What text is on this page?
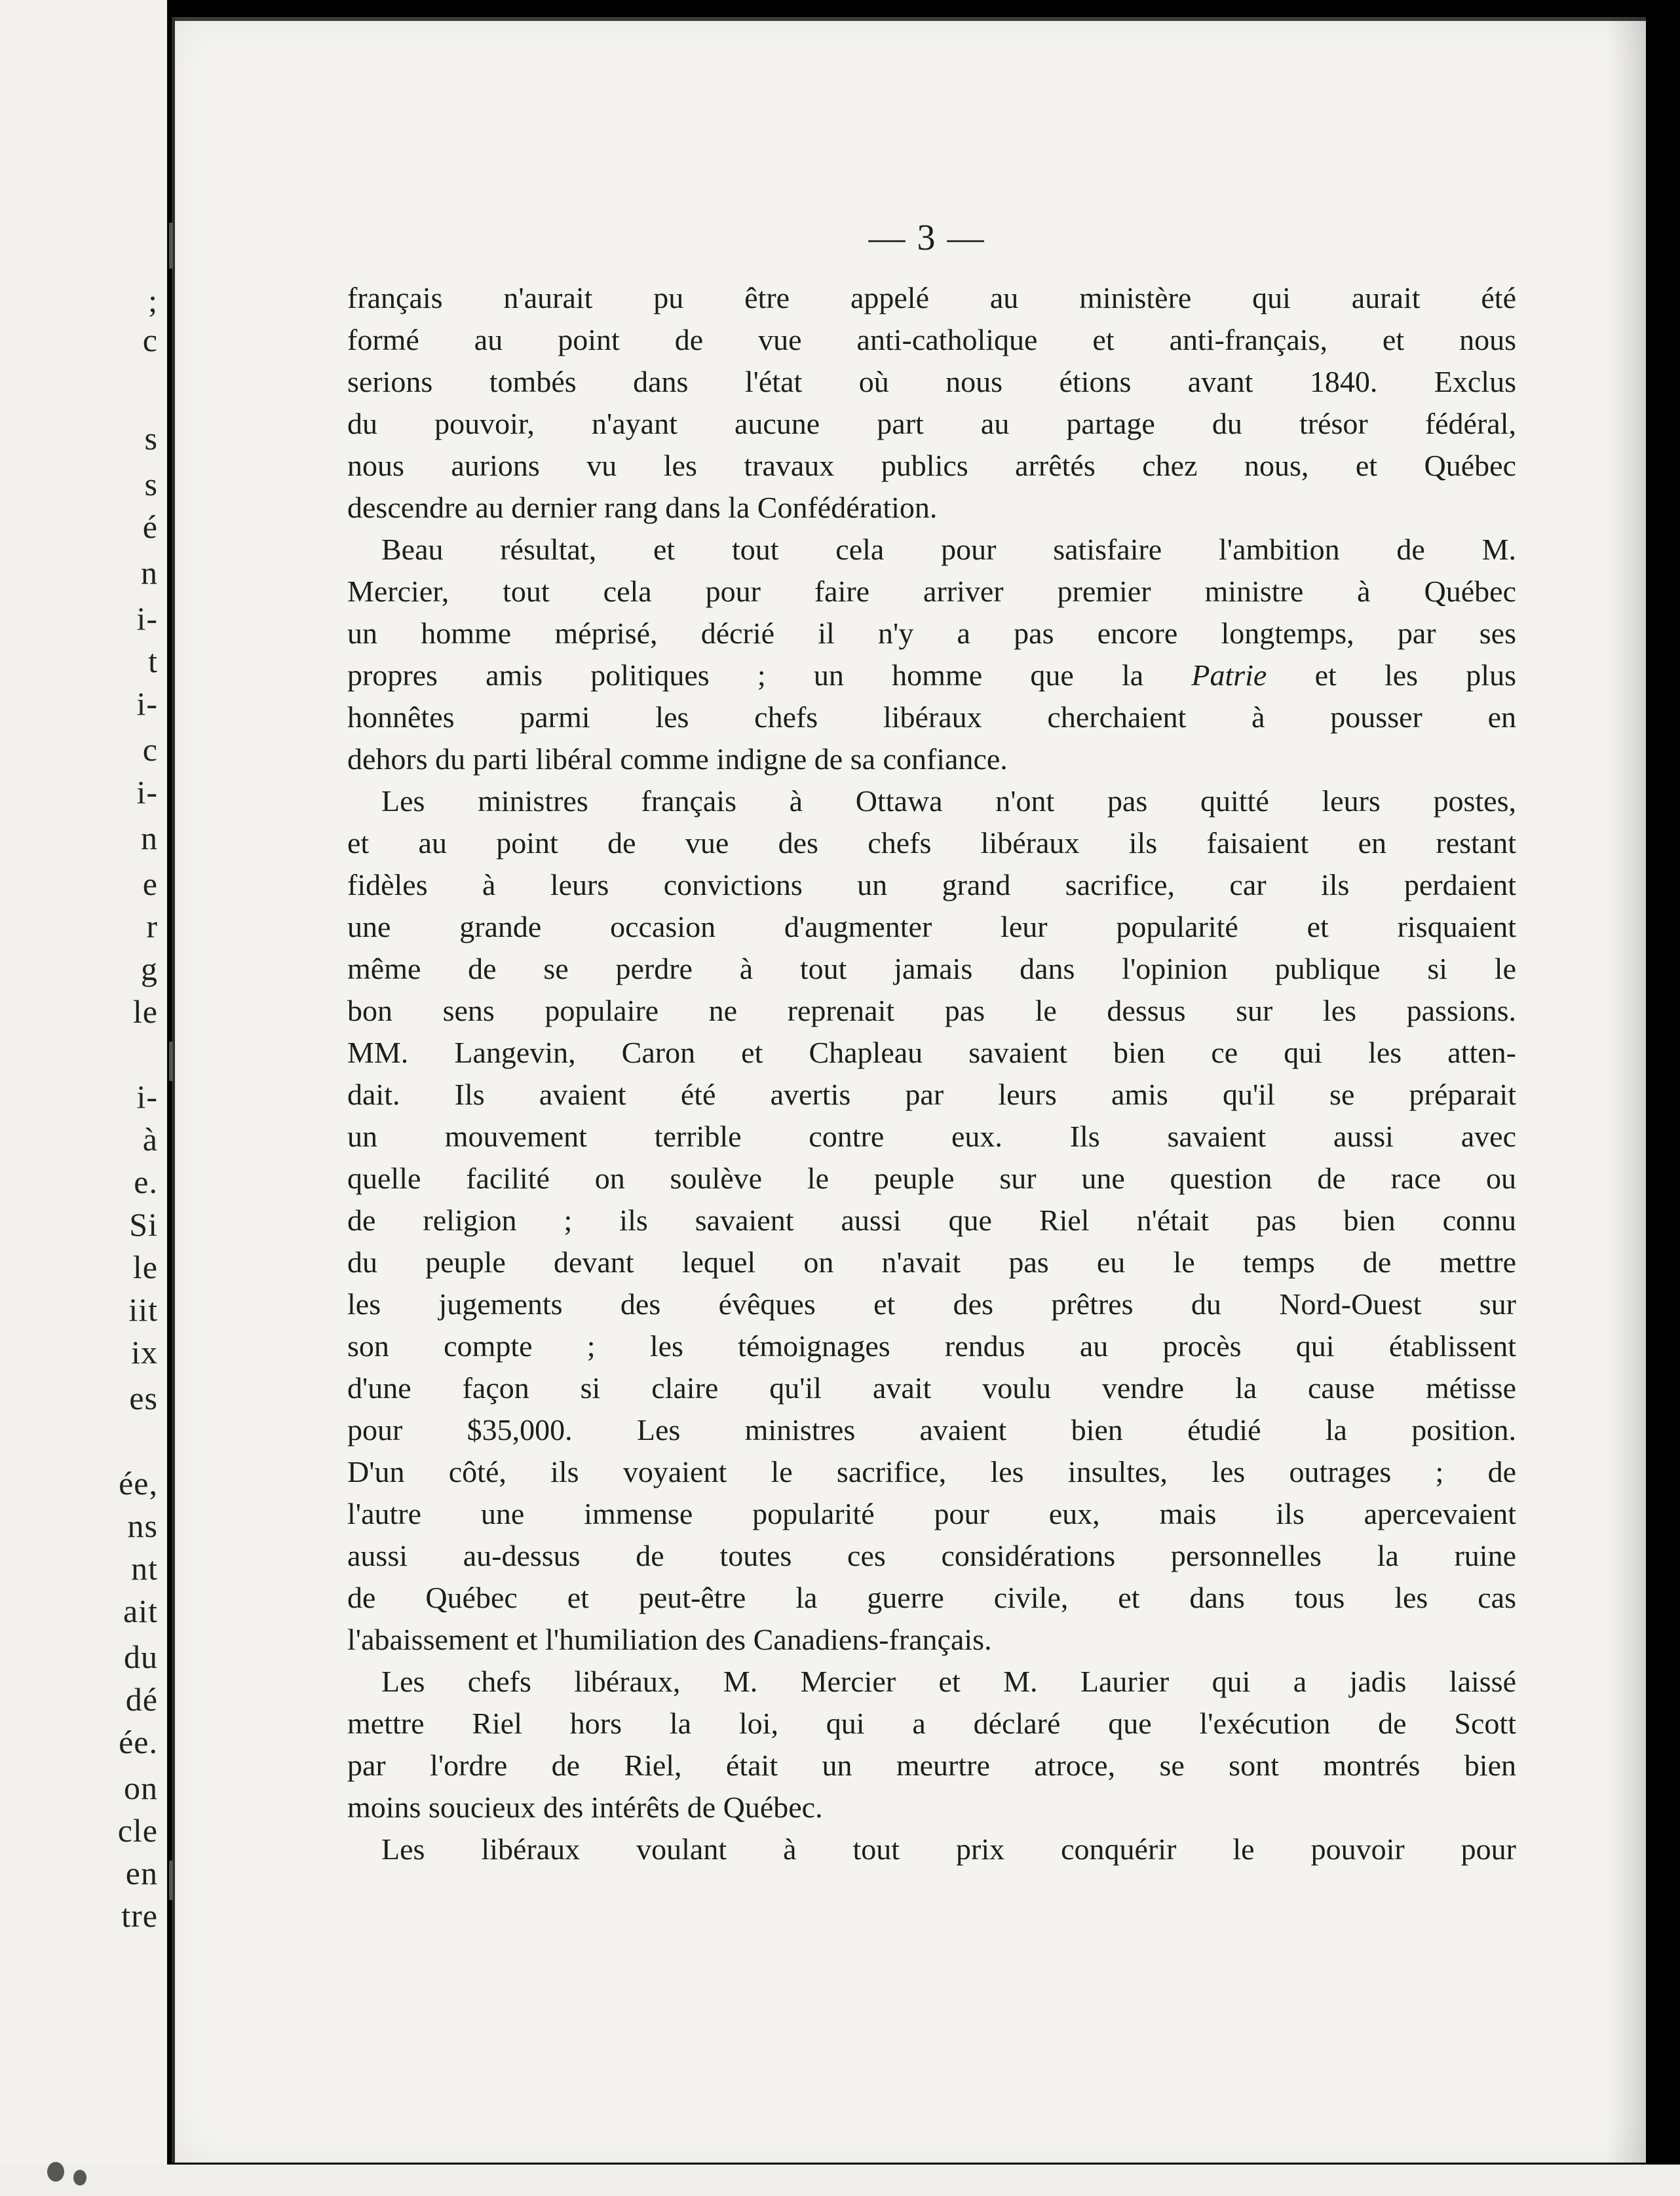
;
c
s
s
é
n
i-
t
i-
c
i-
n
e
r
g
le
i-
à
e.
Si
le
iit
ix
es
ée,
ns
nt
ait
du
dé
ée.
on
cle
en
tre
— 3 —
français n'aurait pu être appelé au ministère qui aurait été
formé au point de vue anti-catholique et anti-français, et nous
serions tombés dans l'état où nous étions avant 1840. Exclus
du pouvoir, n'ayant aucune part au partage du trésor fédéral,
nous aurions vu les travaux publics arrêtés chez nous, et Québec
descendre au dernier rang dans la Confédération.
Beau résultat, et tout cela pour satisfaire l'ambition de M.
Mercier, tout cela pour faire arriver premier ministre à Québec
un homme méprisé, décrié il n'y a pas encore longtemps, par ses
propres amis politiques ; un homme que la Patrie et les plus
honnêtes parmi les chefs libéraux cherchaient à pousser en
dehors du parti libéral comme indigne de sa confiance.
Les ministres français à Ottawa n'ont pas quitté leurs postes,
et au point de vue des chefs libéraux ils faisaient en restant
fidèles à leurs convictions un grand sacrifice, car ils perdaient
une grande occasion d'augmenter leur popularité et risquaient
même de se perdre à tout jamais dans l'opinion publique si le
bon sens populaire ne reprenait pas le dessus sur les passions.
MM. Langevin, Caron et Chapleau savaient bien ce qui les atten-
dait. Ils avaient été avertis par leurs amis qu'il se préparait
un mouvement terrible contre eux. Ils savaient aussi avec
quelle facilité on soulève le peuple sur une question de race ou
de religion ; ils savaient aussi que Riel n'était pas bien connu
du peuple devant lequel on n'avait pas eu le temps de mettre
les jugements des évêques et des prêtres du Nord-Ouest sur
son compte ; les témoignages rendus au procès qui établissent
d'une façon si claire qu'il avait voulu vendre la cause métisse
pour $35,000. Les ministres avaient bien étudié la position.
D'un côté, ils voyaient le sacrifice, les insultes, les outrages ; de
l'autre une immense popularité pour eux, mais ils apercevaient
aussi au-dessus de toutes ces considérations personnelles la ruine
de Québec et peut-être la guerre civile, et dans tous les cas
l'abaissement et l'humiliation des Canadiens-français.
Les chefs libéraux, M. Mercier et M. Laurier qui a jadis laissé
mettre Riel hors la loi, qui a déclaré que l'exécution de Scott
par l'ordre de Riel, était un meurtre atroce, se sont montrés bien
moins soucieux des intérêts de Québec.
Les libéraux voulant à tout prix conquérir le pouvoir pour
